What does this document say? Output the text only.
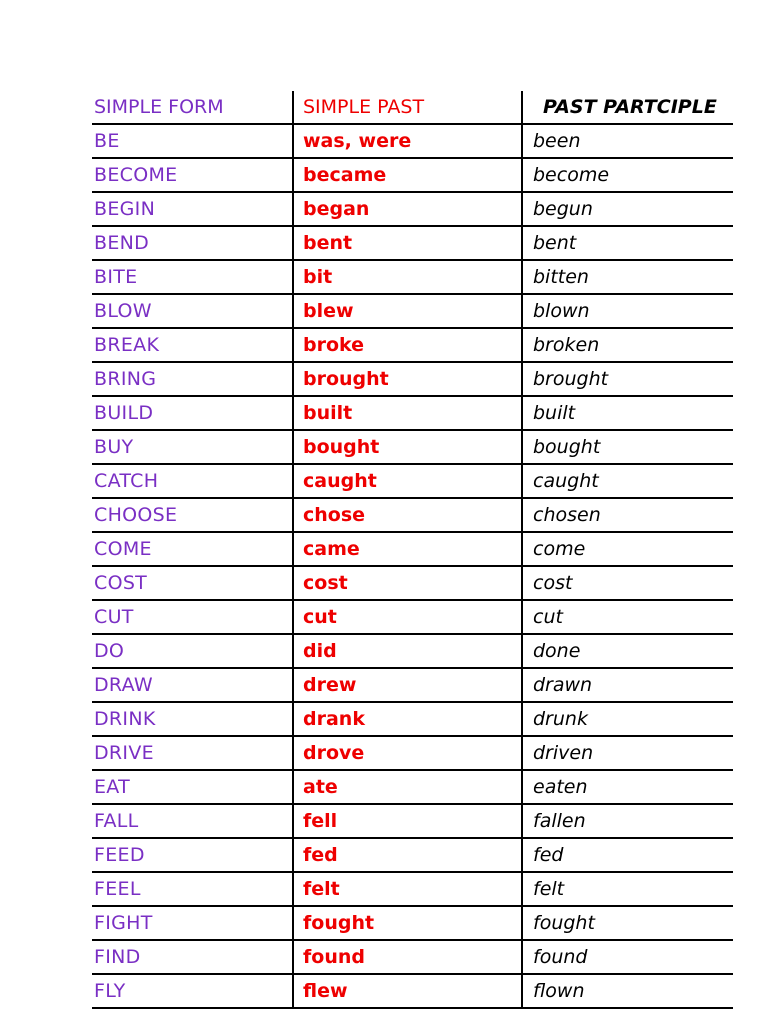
SIMPLE FORM	SIMPLE PAST	PAST PARTCIPLE
BE	was, were	been
BECOME	became	become
BEGIN	began	begun
BEND	bent	bent
BITE	bit	bitten
BLOW	blew	blown
BREAK	broke	broken
BRING	brought	brought
BUILD	built	built
BUY	bought	bought
CATCH	caught	caught
CHOOSE	chose	chosen
COME	came	come
COST	cost	cost
CUT	cut	cut
DO	did	done
DRAW	drew	drawn
DRINK	drank	drunk
DRIVE	drove	driven
EAT	ate	eaten
FALL	fell	fallen
FEED	fed	fed
FEEL	felt	felt
FIGHT	fought	fought
FIND	found	found
FLY	flew	flown
